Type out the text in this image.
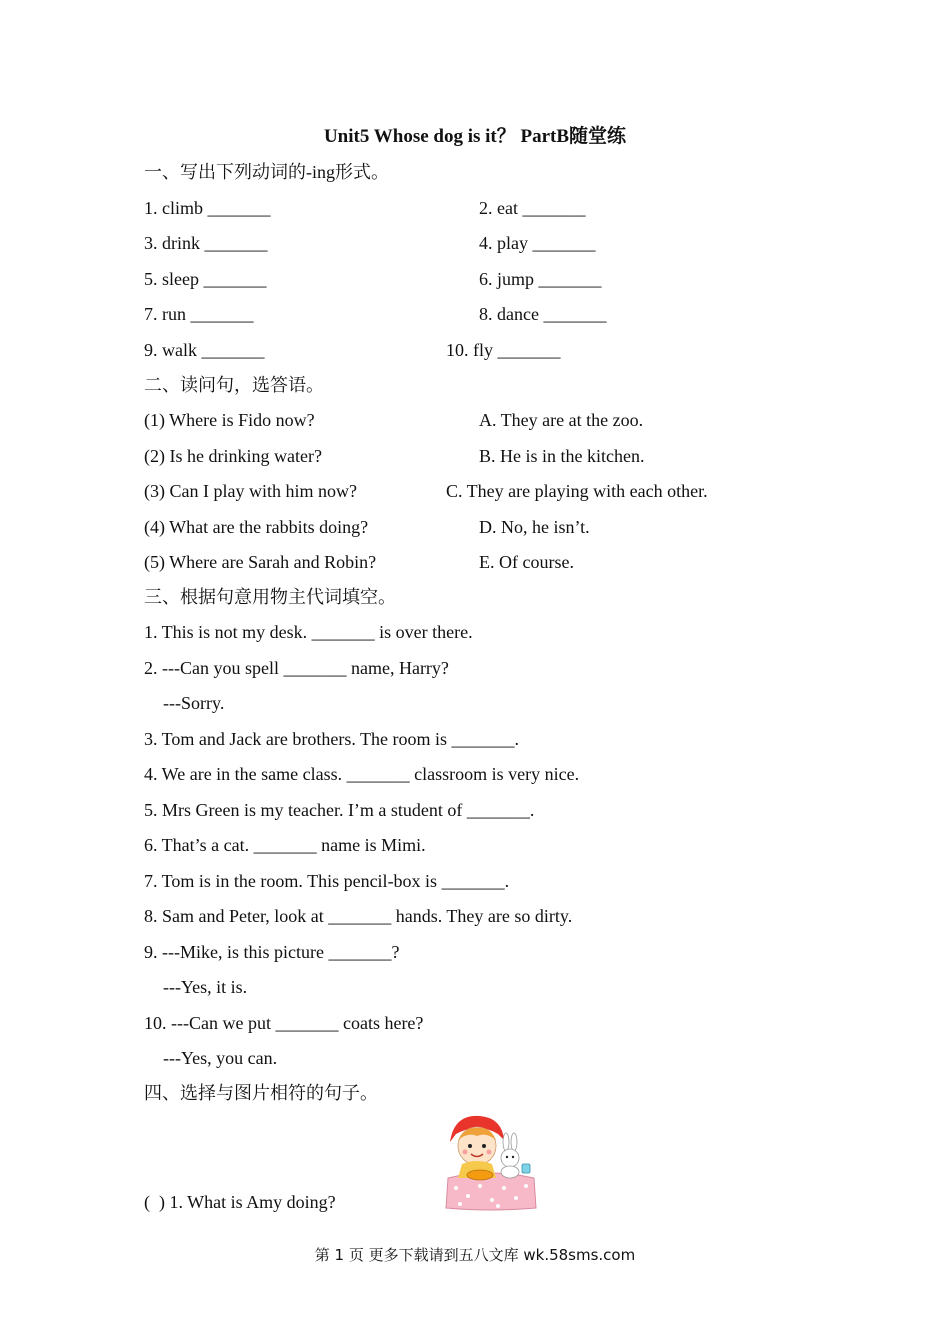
Unit5 Whose dog is it？ PartB随堂练
一、写出下列动词的-ing形式。
1. climb _______	2. eat _______
3. drink _______	4. play _______
5. sleep _______	6. jump _______
7. run _______	8. dance _______
9. walk _______	10. fly _______
二、读问句，选答语。
(1) Where is Fido now?	A. They are at the zoo.
(2) Is he drinking water?	B. He is in the kitchen.
(3) Can I play with him now?	C. They are playing with each other.
(4) What are the rabbits doing?	D. No, he isn’t.
(5) Where are Sarah and Robin?	E. Of course.
三、根据句意用物主代词填空。
1. This is not my desk. _______ is over there.
2. ---Can you spell _______ name, Harry?
---Sorry.
3. Tom and Jack are brothers. The room is _______.
4. We are in the same class. _______ classroom is very nice.
5. Mrs Green is my teacher. I’m a student of _______.
6. That’s a cat. _______ name is Mimi.
7. Tom is in the room. This pencil-box is _______.
8. Sam and Peter, look at _______ hands. They are so dirty.
9. ---Mike, is this picture _______?
---Yes, it is.
10. ---Can we put _______ coats here?
---Yes, you can.
四、选择与图片相符的句子。
(  ) 1. What is Amy doing?
第 1 页 更多下载请到五八文库 wk.58sms.com
